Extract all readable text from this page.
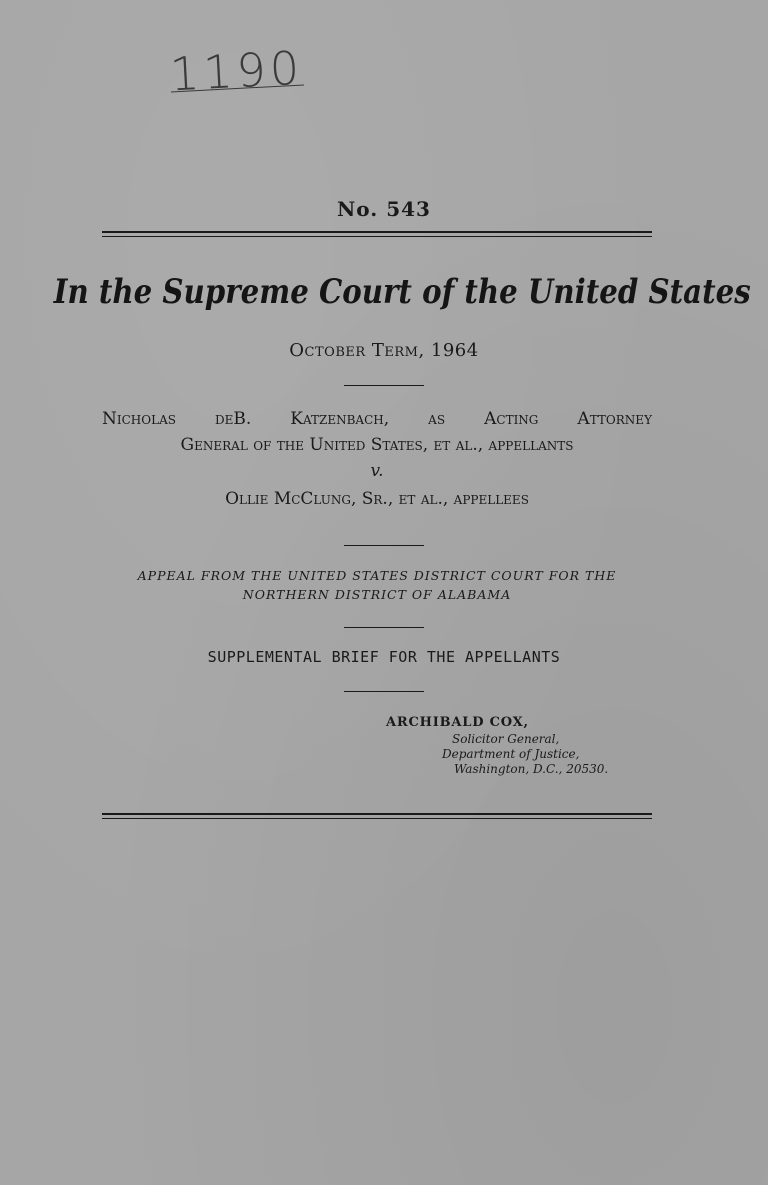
1190
No. 543
In the Supreme Court of the United States
October Term, 1964
Nicholas deB. Katzenbach, as Acting Attorney
General of the United States, et al., appellants
v.
Ollie McClung, Sr., et al., appellees
APPEAL FROM THE UNITED STATES DISTRICT COURT FOR THE
NORTHERN DISTRICT OF ALABAMA
SUPPLEMENTAL BRIEF FOR THE APPELLANTS
ARCHIBALD COX,
Solicitor General,
Department of Justice,
Washington, D.C., 20530.
